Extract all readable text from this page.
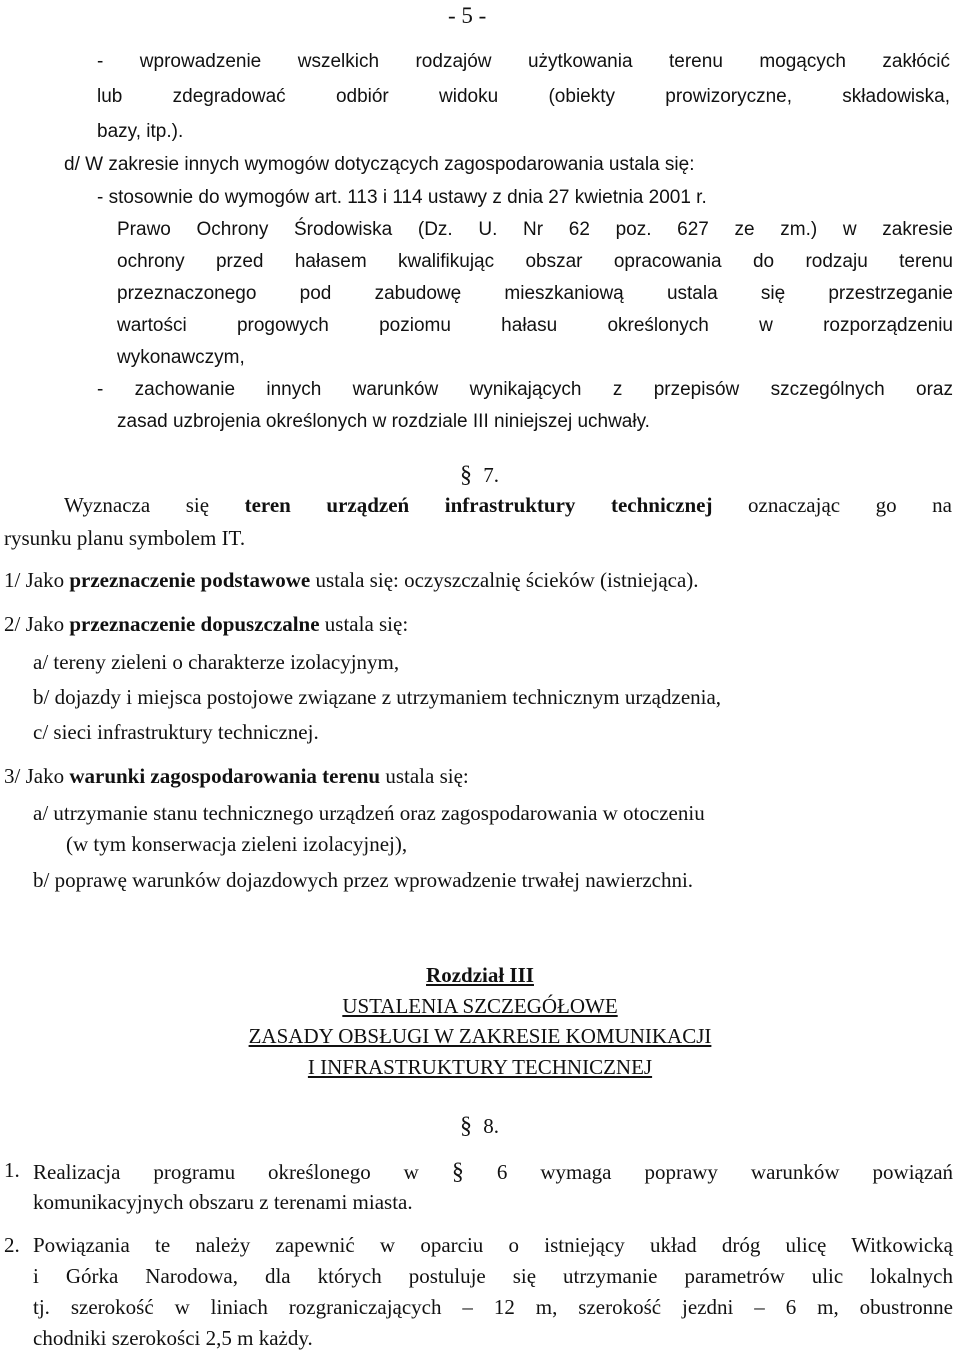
- 5 -
- wprowadzenie wszelkich rodzajów użytkowania terenu mogących zakłócić
lub zdegradować odbiór widoku (obiekty prowizoryczne, składowiska,
bazy, itp.).
d/ W zakresie innych wymogów dotyczących zagospodarowania ustala się:
- stosownie do wymogów art. 113 i 114 ustawy z dnia 27 kwietnia 2001 r.
Prawo Ochrony Środowiska (Dz. U. Nr 62 poz. 627 ze zm.) w zakresie
ochrony przed hałasem kwalifikując obszar opracowania do rodzaju terenu
przeznaczonego pod zabudowę mieszkaniową ustala się przestrzeganie
wartości progowych poziomu hałasu określonych w rozporządzeniu
wykonawczym,
- zachowanie innych warunków wynikających z przepisów szczególnych oraz
zasad uzbrojenia określonych w rozdziale III niniejszej uchwały.
§ 7.
Wyznacza się teren urządzeń infrastruktury technicznej oznaczając go na
rysunku planu symbolem IT.
1/ Jako przeznaczenie podstawowe ustala się: oczyszczalnię ścieków (istniejąca).
2/ Jako przeznaczenie dopuszczalne ustala się:
a/ tereny zieleni o charakterze izolacyjnym,
b/ dojazdy i miejsca postojowe związane z utrzymaniem technicznym urządzenia,
c/ sieci infrastruktury technicznej.
3/ Jako warunki zagospodarowania terenu ustala się:
a/ utrzymanie stanu technicznego urządzeń oraz zagospodarowania w otoczeniu
(w tym konserwacja zieleni izolacyjnej),
b/ poprawę warunków dojazdowych przez wprowadzenie trwałej nawierzchni.
Rozdział III
USTALENIA SZCZEGÓŁOWE
ZASADY OBSŁUGI W ZAKRESIE KOMUNIKACJI
I INFRASTRUKTURY TECHNICZNEJ
§ 8.
1. Realizacja programu określonego w § 6 wymaga poprawy warunków powiązań
komunikacyjnych obszaru z terenami miasta.
2. Powiązania te należy zapewnić w oparciu o istniejący układ dróg ulicę Witkowicką
i Górka Narodowa, dla których postuluje się utrzymanie parametrów ulic lokalnych
tj. szerokość w liniach rozgraniczających – 12 m, szerokość jezdni – 6 m, obustronne
chodniki szerokości 2,5 m każdy.
